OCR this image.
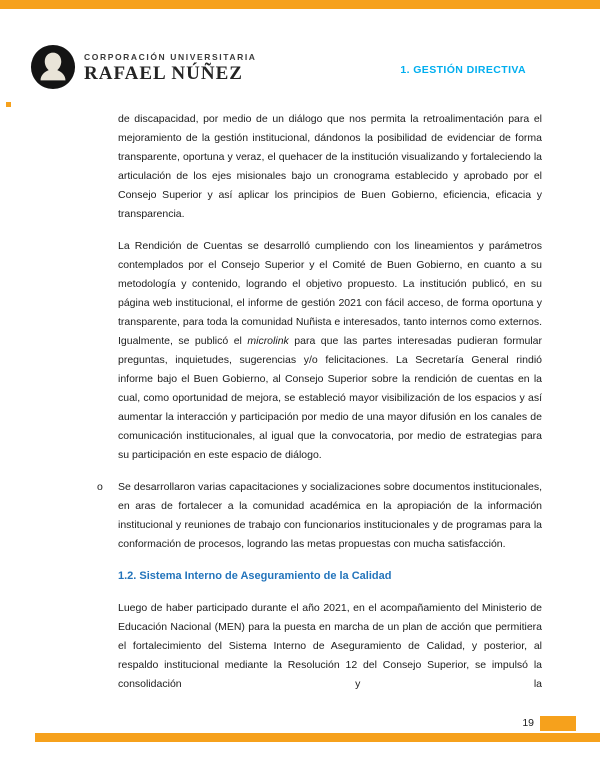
CORPORACIÓN UNIVERSITARIA
RAFAEL NÚÑEZ	1. GESTIÓN DIRECTIVA

de discapacidad, por medio de un diálogo que nos permita la retroalimentación para el mejoramiento de la gestión institucional, dándonos la posibilidad de evidenciar de forma transparente, oportuna y veraz, el quehacer de la institución visualizando y fortaleciendo la articulación de los ejes misionales bajo un cronograma establecido y aprobado por el Consejo Superior y así aplicar los principios de Buen Gobierno, eficiencia, eficacia y transparencia.

La Rendición de Cuentas se desarrolló cumpliendo con los lineamientos y parámetros contemplados por el Consejo Superior y el Comité de Buen Gobierno, en cuanto a su metodología y contenido, logrando el objetivo propuesto. La institución publicó, en su página web institucional, el informe de gestión 2021 con fácil acceso, de forma oportuna y transparente, para toda la comunidad Nuñista e interesados, tanto internos como externos. Igualmente, se publicó el microlink para que las partes interesadas pudieran formular preguntas, inquietudes, sugerencias y/o felicitaciones. La Secretaría General rindió informe bajo el Buen Gobierno, al Consejo Superior sobre la rendición de cuentas en la cual, como oportunidad de mejora, se estableció mayor visibilización de los espacios y así aumentar la interacción y participación por medio de una mayor difusión en los canales de comunicación institucionales, al igual que la convocatoria, por medio de estrategias para su participación en este espacio de diálogo.

o Se desarrollaron varias capacitaciones y socializaciones sobre documentos institucionales, en aras de fortalecer a la comunidad académica en la apropiación de la información institucional y reuniones de trabajo con funcionarios institucionales y de programas para la conformación de procesos, logrando las metas propuestas con mucha satisfacción.

1.2. Sistema Interno de Aseguramiento de la Calidad

Luego de haber participado durante el año 2021, en el acompañamiento del Ministerio de Educación Nacional (MEN) para la puesta en marcha de un plan de acción que permitiera el fortalecimiento del Sistema Interno de Aseguramiento de Calidad, y posterior, al respaldo institucional mediante la Resolución 12 del Consejo Superior, se impulsó la consolidación y la

19
